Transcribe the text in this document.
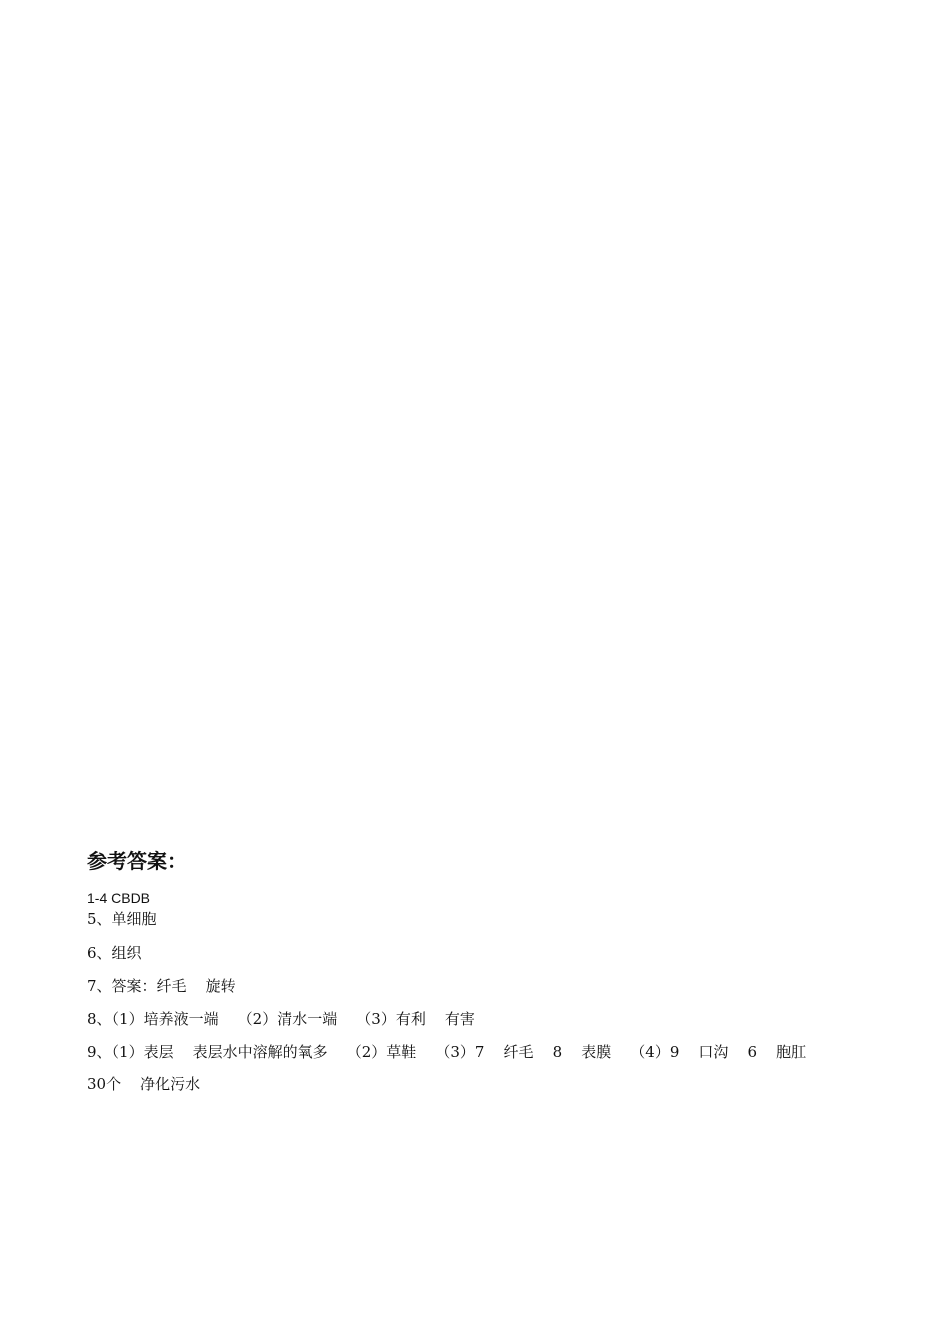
参考答案：
1-4 CBDB
5、单细胞
6、组织
7、答案：纤毛    旋转
8、（1）培养液一端    （2）清水一端    （3）有利    有害
9、（1）表层    表层水中溶解的氧多    （2）草鞋    （3）7    纤毛    8    表膜    （4）9    口沟    6    胞肛
30个    净化污水
